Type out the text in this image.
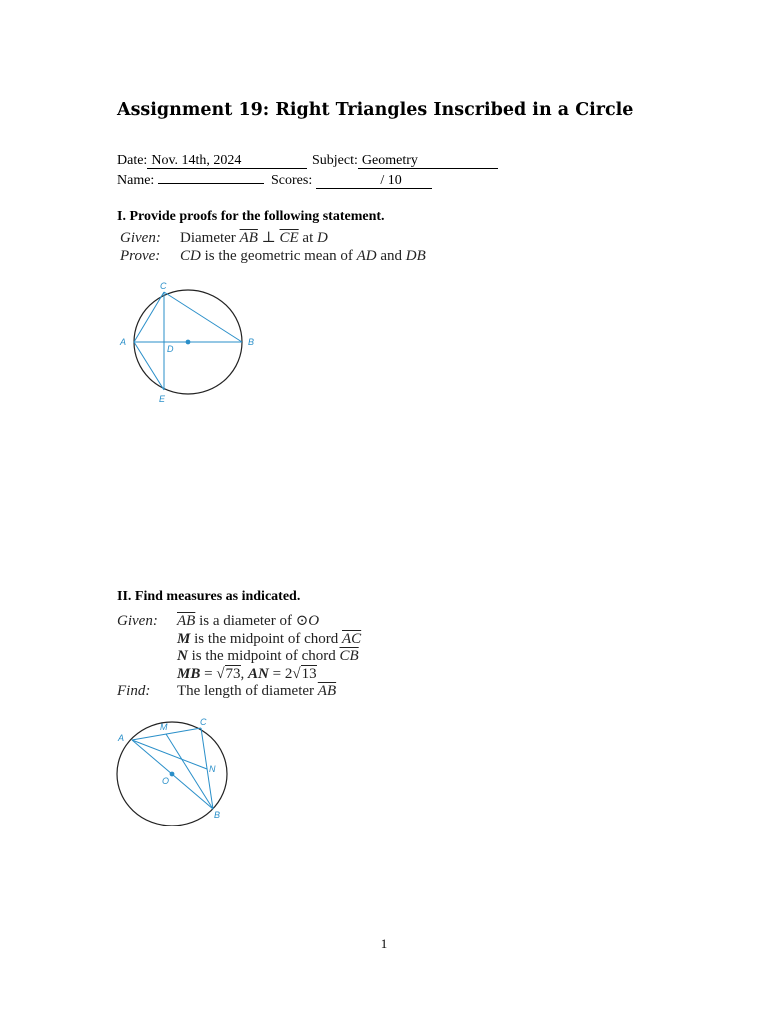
Assignment 19: Right Triangles Inscribed in a Circle
Date: Nov. 14th, 2024	Subject: Geometry
Name:	Scores:	/ 10
I. Provide proofs for the following statement.
Given: Diameter $\overline{AB}$ ⊥ $\overline{CE}$ at D
Prove: CD is the geometric mean of AD and DB
C
A
D
B
E
II. Find measures as indicated.
Given: $\overline{AB}$ is a diameter of ⊙O
M is the midpoint of chord $\overline{AC}$
N is the midpoint of chord $\overline{CB}$
MB = √73, AN = 2√13
Find: The length of diameter $\overline{AB}$
A
M	C
N
O
B
1
